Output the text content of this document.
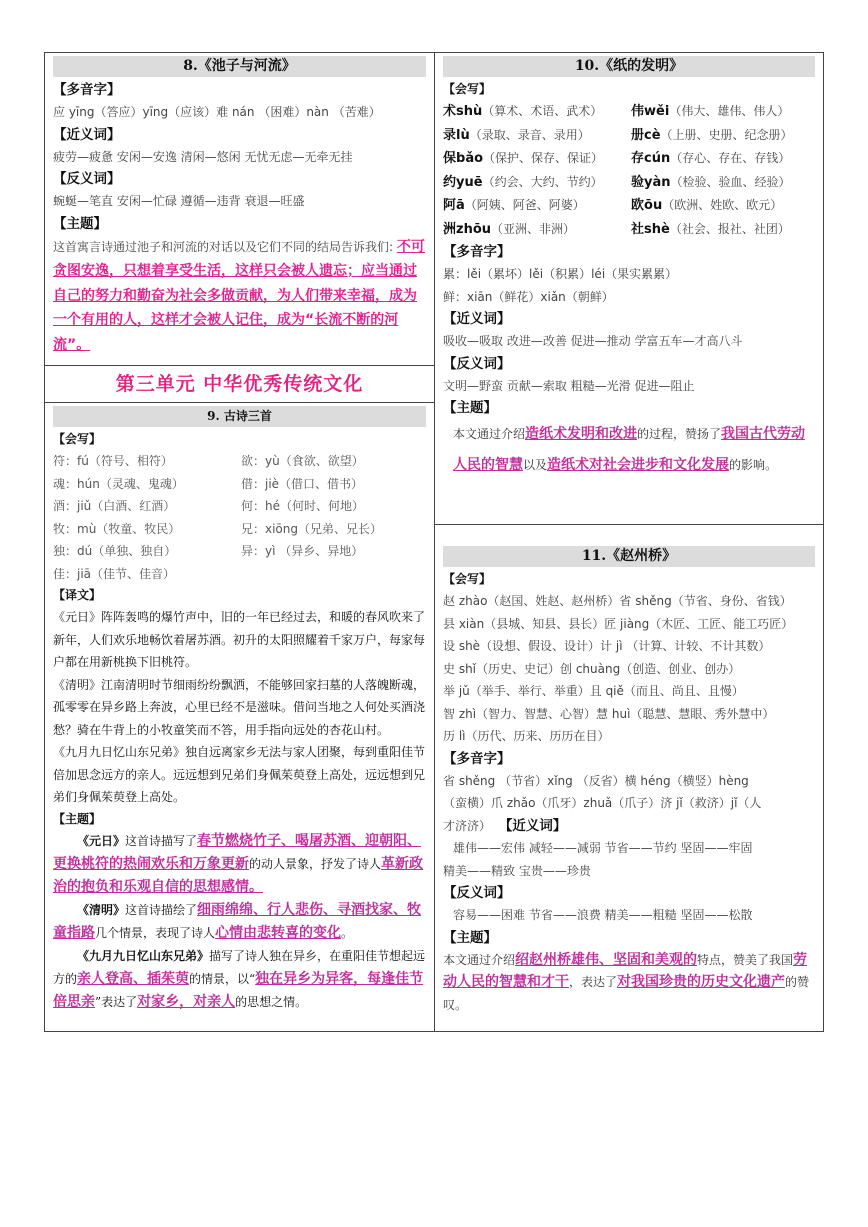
8.《池子与河流》
【多音字】
应 yīng（答应）yīng（应该）难 nán （困难）nàn （苦难）
【近义词】
疲劳—疲惫 安闲—安逸 清闲—悠闲 无忧无虑—无牵无挂
【反义词】
蜿蜒—笔直 安闲—忙碌 遵循—违背 衰退—旺盛
【主题】
这首寓言诗通过池子和河流的对话以及它们不同的结局告诉我们: 不可贪图安逸，只想着享受生活，这样只会被人遗忘；应当通过自己的努力和勤奋为社会多做贡献，为人们带来幸福，成为一个有用的人，这样才会被人记住，成为“长流不断的河流”。
第三单元 中华优秀传统文化
9. 古诗三首
【会写】
符：fú（符号、相符）	欲：yù（食欲、欲望）
魂：hún（灵魂、鬼魂）	借：jiè（借口、借书）
酒：jiǔ（白酒、红酒）	何：hé（何时、何地）
牧：mù（牧童、牧民）	兄：xiōng（兄弟、兄长）
独：dú（单独、独自）	异：yì （异乡、异地）
佳：jiā（佳节、佳音）
【译文】
《元日》阵阵轰鸣的爆竹声中，旧的一年已经过去，和暖的春风吹来了新年，人们欢乐地畅饮着屠苏酒。初升的太阳照耀着千家万户，每家每户都在用新桃换下旧桃符。
《清明》江南清明时节细雨纷纷飘洒，不能够回家扫墓的人落魄断魂，孤零零在异乡路上奔波，心里已经不是滋味。借问当地之人何处买酒浇愁？骑在牛背上的小牧童笑而不答，用手指向远处的杏花山村。
《九月九日忆山东兄弟》独自远离家乡无法与家人团聚，每到重阳佳节倍加思念远方的亲人。远远想到兄弟们身佩茱萸登上高处，远远想到兄弟们身佩茱萸登上高处。
【主题】
《元日》这首诗描写了春节燃烧竹子、喝屠苏酒、迎朝阳、更换桃符的热闹欢乐和万象更新的动人景象，抒发了诗人革新政治的抱负和乐观自信的思想感情。
《清明》这首诗描绘了细雨绵绵、行人悲伤、寻酒找家、牧童指路几个情景，表现了诗人心情由悲转喜的变化。
《九月九日忆山东兄弟》描写了诗人独在异乡，在重阳佳节想起远方的亲人登高、插茱萸的情景，以“独在异乡为异客，每逢佳节倍思亲”表达了对家乡，对亲人的思想之情。
10.《纸的发明》
【会写】
术shù（算术、术语、武术）	伟wěi（伟大、雄伟、伟人）
录lù（录取、录音、录用）	册cè（上册、史册、纪念册）
保bǎo（保护、保存、保证）	存cún（存心、存在、存钱）
约yuē（约会、大约、节约）	验yàn（检验、验血、经验）
阿ā（阿姨、阿爸、阿婆）	欧ōu（欧洲、姓欧、欧元）
洲zhōu（亚洲、非洲）	社shè（社会、报社、社团）
【多音字】
累：lěi（累坏）lěi（积累）léi（果实累累）
鲜：xiān（鲜花）xiǎn（朝鲜）
【近义词】
吸收—吸取 改进—改善 促进—推动 学富五车—才高八斗
【反义词】
文明—野蛮 贡献—索取 粗糙—光滑 促进—阻止
【主题】
本文通过介绍造纸术发明和改进的过程，赞扬了我国古代劳动人民的智慧以及造纸术对社会进步和文化发展的影响。
11.《赵州桥》
【会写】
赵 zhào（赵国、姓赵、赵州桥）省 shěng（节省、身份、省钱）
县 xiàn（县城、知县、县长）匠 jiàng（木匠、工匠、能工巧匠）
设 shè（设想、假设、设计）计 jì （计算、计较、不计其数）
史 shǐ（历史、史记）创 chuàng（创造、创业、创办）
举 jǔ（举手、举行、举重）且 qiě（而且、尚且、且慢）
智 zhì（智力、智慧、心智）慧 huì（聪慧、慧眼、秀外慧中）
历 lì（历代、历来、历历在目）
【多音字】
省 shěng （节省）xǐng （反省）横 héng（横竖）hèng
（蛮横）爪 zhǎo（爪牙）zhuǎ（爪子）济 jǐ（救济）jǐ（人
才济济） 【近义词】
雄伟——宏伟 减轻——减弱 节省——节约 坚固——牢固
精美——精致 宝贵——珍贵
【反义词】
容易——困难 节省——浪费 精美——粗糙 坚固——松散
【主题】
本文通过介绍绍赵州桥雄伟、坚固和美观的特点，赞美了我国劳动人民的智慧和才干，表达了对我国珍贵的历史文化遗产的赞叹。
